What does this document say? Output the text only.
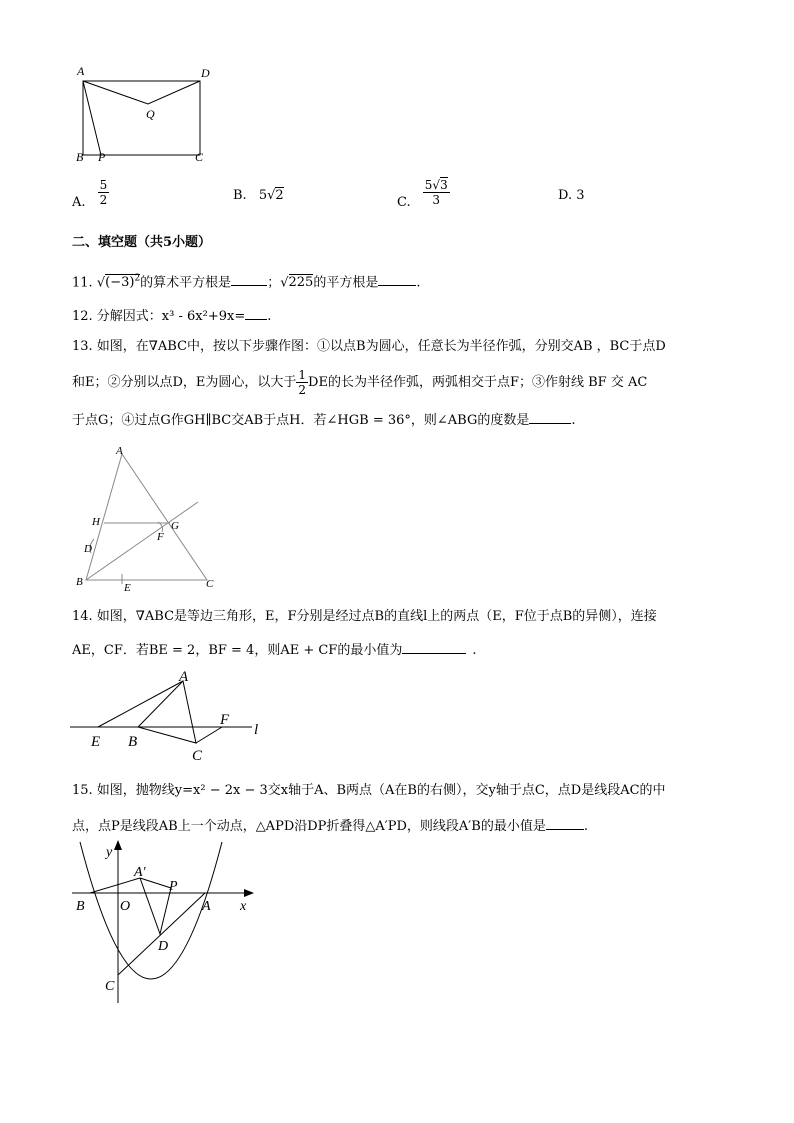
A	D
Q
B P	C
A. $\frac{5}{2}$	B. 5√2	C. $\frac{5√3}{3}$	D. 3
二、填空题（共5小题）
11. $√(-3)^2$的算术平方根是	；√225的平方根是	.
12. 分解因式：x³ - 6x²+9x= .
13. 如图，在∇ABC中，按以下步骤作图：①以点B为圆心，任意长为半径作弧，分别交AB ，BC于点D
和E；②分别以点D，E为圆心，以大于 $\frac{1}{2}$ DE的长为半径作弧，两弧相交于点F；③作射线 BF 交 AC
于点G；④过点G作GH∥BC交AB于点H．若∠HGB = 36°，则∠ABG的度数是	.
A
H	G
F
D
B	E	C
14. 如图，∇ABC是等边三角形，E，F分别是经过点B的直线l上的两点（E，F位于点B的异侧），连接
AE，CF．若BE = 2，BF = 4，则AE + CF的最小值为	.
A
F
l
E B
C
15. 如图，抛物线y=x² − 2x − 3交x轴于A、B两点（A在B的右侧），交y轴于点C，点D是线段AC的中
点，点P是线段AB上一个动点，△APD沿DP折叠得△A′PD，则线段A′B的最小值是	.
y
A′
P
B	O	A x
D
C
